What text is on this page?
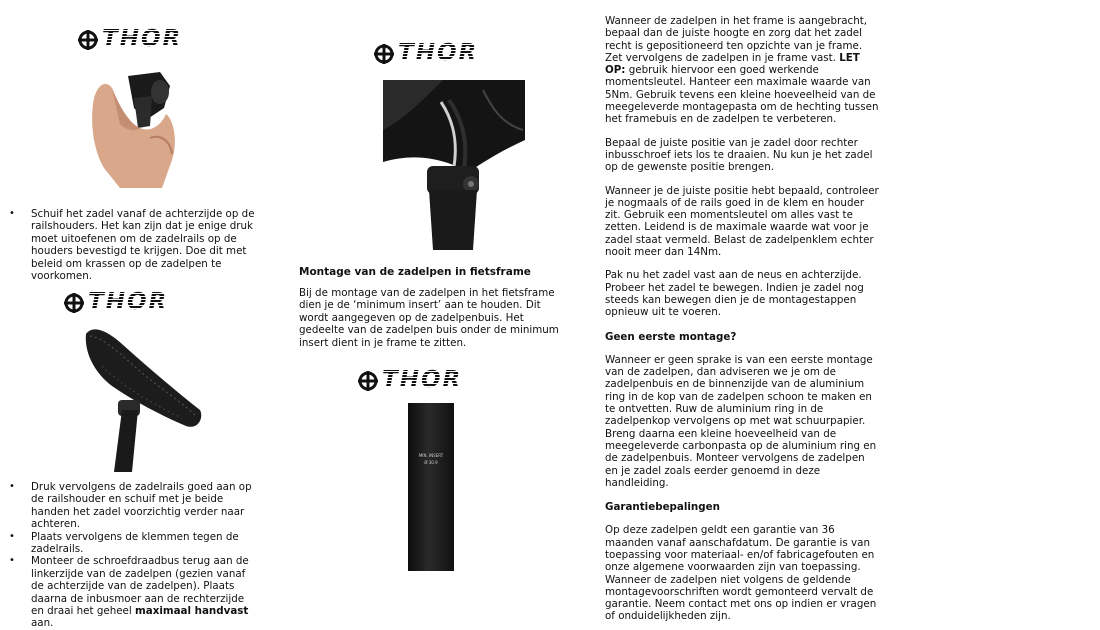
THOR
• Schuif het zadel vanaf de achterzijde op de railshouders. Het kan zijn dat je enige druk moet uitoefenen om de zadelrails op de houders bevestigd te krijgen. Doe dit met beleid om krassen op de zadelpen te voorkomen.
THOR
• Druk vervolgens de zadelrails goed aan op de railshouder en schuif met je beide handen het zadel voorzichtig verder naar achteren.
• Plaats vervolgens de klemmen tegen de zadelrails.
• Monteer de schroefdraadbus terug aan de linkerzijde van de zadelpen (gezien vanaf de achterzijde van de zadelpen). Plaats daarna de inbusmoer aan de rechterzijde en draai het geheel maximaal handvast aan.
THOR
Montage van de zadelpen in fietsframe

Bij de montage van de zadelpen in het fietsframe dien je de ‘minimum insert’ aan te houden. Dit wordt aangegeven op de zadelpenbuis. Het gedeelte van de zadelpen buis onder de minimum insert dient in je frame te zitten.

THOR
MIN. INSERT
Ø 30.9

Wanneer de zadelpen in het frame is aangebracht, bepaal dan de juiste hoogte en zorg dat het zadel recht is gepositioneerd ten opzichte van je frame. Zet vervolgens de zadelpen in je frame vast. LET OP: gebruik hiervoor een goed werkende momentsleutel. Hanteer een maximale waarde van 5Nm. Gebruik tevens een kleine hoeveelheid van de meegeleverde montagepasta om de hechting tussen het framebuis en de zadelpen te verbeteren.

Bepaal de juiste positie van je zadel door rechter inbusschroef iets los te draaien. Nu kun je het zadel op de gewenste positie brengen.

Wanneer je de juiste positie hebt bepaald, controleer je nogmaals of de rails goed in de klem en houder zit. Gebruik een momentsleutel om alles vast te zetten. Leidend is de maximale waarde wat voor je zadel staat vermeld. Belast de zadelpenklem echter nooit meer dan 14Nm.

Pak nu het zadel vast aan de neus en achterzijde. Probeer het zadel te bewegen. Indien je zadel nog steeds kan bewegen dien je de montagestappen opnieuw uit te voeren.

Geen eerste montage?

Wanneer er geen sprake is van een eerste montage van de zadelpen, dan adviseren we je om de zadelpenbuis en de binnenzijde van de aluminium ring in de kop van de zadelpen schoon te maken en te ontvetten. Ruw de aluminium ring in de zadelpenkop vervolgens op met wat schuurpapier. Breng daarna een kleine hoeveelheid van de meegeleverde carbonpasta op de aluminium ring en de zadelpenbuis. Monteer vervolgens de zadelpen en je zadel zoals eerder genoemd in deze handleiding.

Garantiebepalingen

Op deze zadelpen geldt een garantie van 36 maanden vanaf aanschafdatum. De garantie is van toepassing voor materiaal- en/of fabricagefouten en onze algemene voorwaarden zijn van toepassing. Wanneer de zadelpen niet volgens de geldende montagevoorschriften wordt gemonteerd vervalt de garantie. Neem contact met ons op indien er vragen of onduidelijkheden zijn.
